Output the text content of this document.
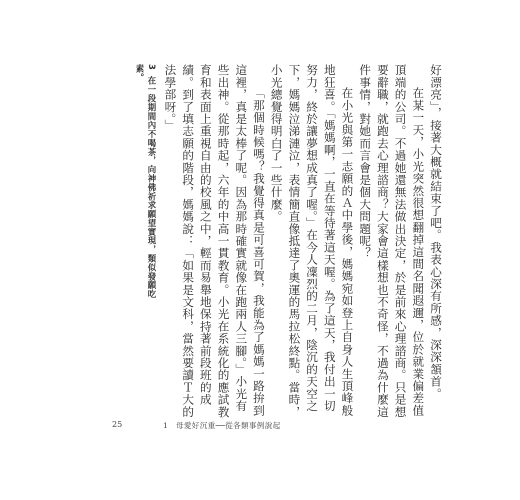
好漂亮」，接著大概就結束了吧。我表心深有所感，深深頷首。

在某一天，小光突然很想翻掉這間名聞遐邇，位於就業偏差值頂端的公司。不過她還無法做出決定，於是前來心理諮商。只是想要辭職，就跑去心理諮商？大家會這樣想也不奇怪，不過為什麼這件事情，對她而言會是個大問題呢？

在小光與第一志願的Ａ中學後，媽媽宛如登上自身人生頂峰般地狂喜。「媽媽啊，一直在等待著這天喔。為了這天，我付出一切努力，終於讓夢想成真了喔。」在今人凜烈的二月，陰沉的天空之下，媽媽泣涕漣泣，表情簡直像抵達了奧運的馬拉松終點。當時，小光總覺得明白了一些什麼。

「那個時候嗎？我覺得真是可喜可賀，我能為了媽媽一路拚到這裡，真是太棒了呢。因為那時確實就像在跑兩人三腳。」小光有些出神。從那時起，六年的中高一貫教育。小光在系統化的應試教育和表面上重視自由的校風之中，輕而易舉地保持著前段班的成績。到了填志願的階段，媽媽說：「如果是文科，當然要讀Ｔ大的法學部呀。」

3在一段期間內不喝茶，向神佛祈求願望實現，類似發願吃素。
25	1　母愛好沉重──從各類事例說起
